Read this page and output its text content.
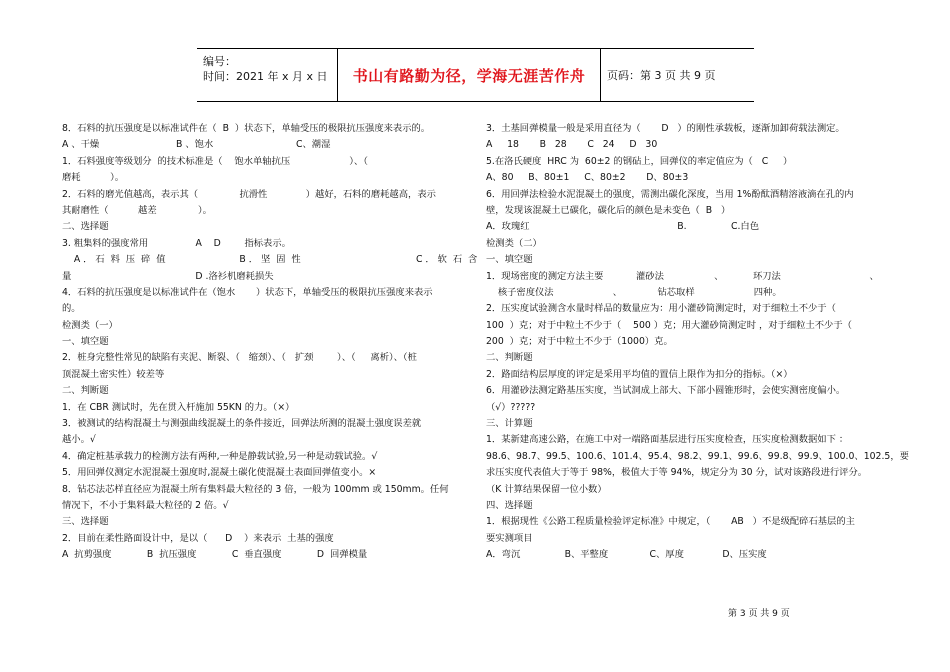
编号：
时间：2021 年 x 月 x 日 书山有路勤为径，学海无涯苦作舟 页码：第 3 页 共 9 页
8．石料的抗压强度是以标准试件在（  B  ）状态下，单轴受压的极限抗压强度来表示的。
A 、干燥                          B 、饱水                            C、潮湿
1．石料强度等级划分  的技术标准是（    饱水单轴抗压                    ）、（
磨耗          ）。
2．石料的磨光值越高，表示其（              抗滑性             ）越好，石料的磨耗越高，表示
其耐磨性（          越差              ）。
二、选择题
3. 粗集料的强度常用                A    D        指标表示。
A ． 石  料  压  碎  值                         B ． 坚  固  性                                       C ． 软  石  含
量                                          D .洛衫机磨耗损失
4．石料的抗压强度是以标准试件在（饱水       ）状态下，单轴受压的极限抗压强度来表示
的。
检测类（一）
一、填空题
2．桩身完整性常见的缺陷有夹泥、断裂、（   缩颈）、（   扩颈        ）、（     离析）、（桩
顶混凝土密实性）较差等
二、判断题
1．在 CBR 测试时，先在贯入杆施加 55KN 的力。（×）
3．被测试的结构混凝土与测强曲线混凝土的条件接近，回弹法所测的混凝土强度误差就
越小。√
4．确定桩基承载力的检测方法有两种,一种是静载试验,另一种是动载试验。√
5．用回弹仪测定水泥混凝土强度时,混凝土碳化使混凝土表面回弹值变小。×
8．钻芯法芯样直径应为混凝土所有集料最大粒径的 3 倍，一般为 100mm 或 150mm。任何
情况下，不小于集料最大粒径的 2 倍。√
三、选择题
2．目前在柔性路面设计中，是以（      D    ）来表示  土基的强度
A  抗剪强度            B  抗压强度            C  垂直强度            D  回弹模量
3．土基回弹模量一般是采用直径为（       D   ）的刚性承载板，逐渐加卸荷载法测定。
A     18       B   28       C   24     D   30
5.在洛氏硬度  HRC 为  60±2 的钢砧上，回弹仪的率定值应为（   C     ）
A、80     B、80±1     C、80±2       D、80±3
6．用回弹法检验水泥混凝土的强度，需测出碳化深度，当用 1%酚酞酒精溶液滴在孔的内
壁，发现该混凝土已碳化，碳化后的颜色是未变色（  B   ）
A．玫瑰红                                                  B.               C.白色
检测类（二）
一、填空题
1．现场密度的测定方法主要           灌砂法                 、          环刀法                              、
核子密度仪法                    、            钻芯取样                    四种。
2．压实度试验测含水量时样品的数量应为：用小灌砂筒测定时，对于细粒土不少于（
100  ）克；对于中粒土不少于（    500 ）克；用大灌砂筒测定时 ，对于细粒土不少于（
200  ）克；对于中粒土不少于（1000）克。
二、判断题
2．路面结构层厚度的评定是采用平均值的置信上限作为扣分的指标。（×）
6．用灌砂法测定路基压实度，当试洞成上部大、下部小圆锥形时，会使实测密度偏小。
（√）?????
三、计算题
1．某新建高速公路，在施工中对一端路面基层进行压实度检查，压实度检测数据如下 ：
98.6、98.7、99.5、100.6、101.4、95.4、98.2、99.1、99.6、99.8、99.9、100.0、102.5，要
求压实度代表值大于等于 98%，极值大于等 94%，规定分为 30 分，试对该路段进行评分。
（K 计算结果保留一位小数）
四、选择题
1．根据现性《公路工程质量检验评定标准》中规定，（       AB   ）不是级配碎石基层的主
要实测项目
A．弯沉               B、平整度              C、厚度             D、压实度
第 3 页 共 9 页
